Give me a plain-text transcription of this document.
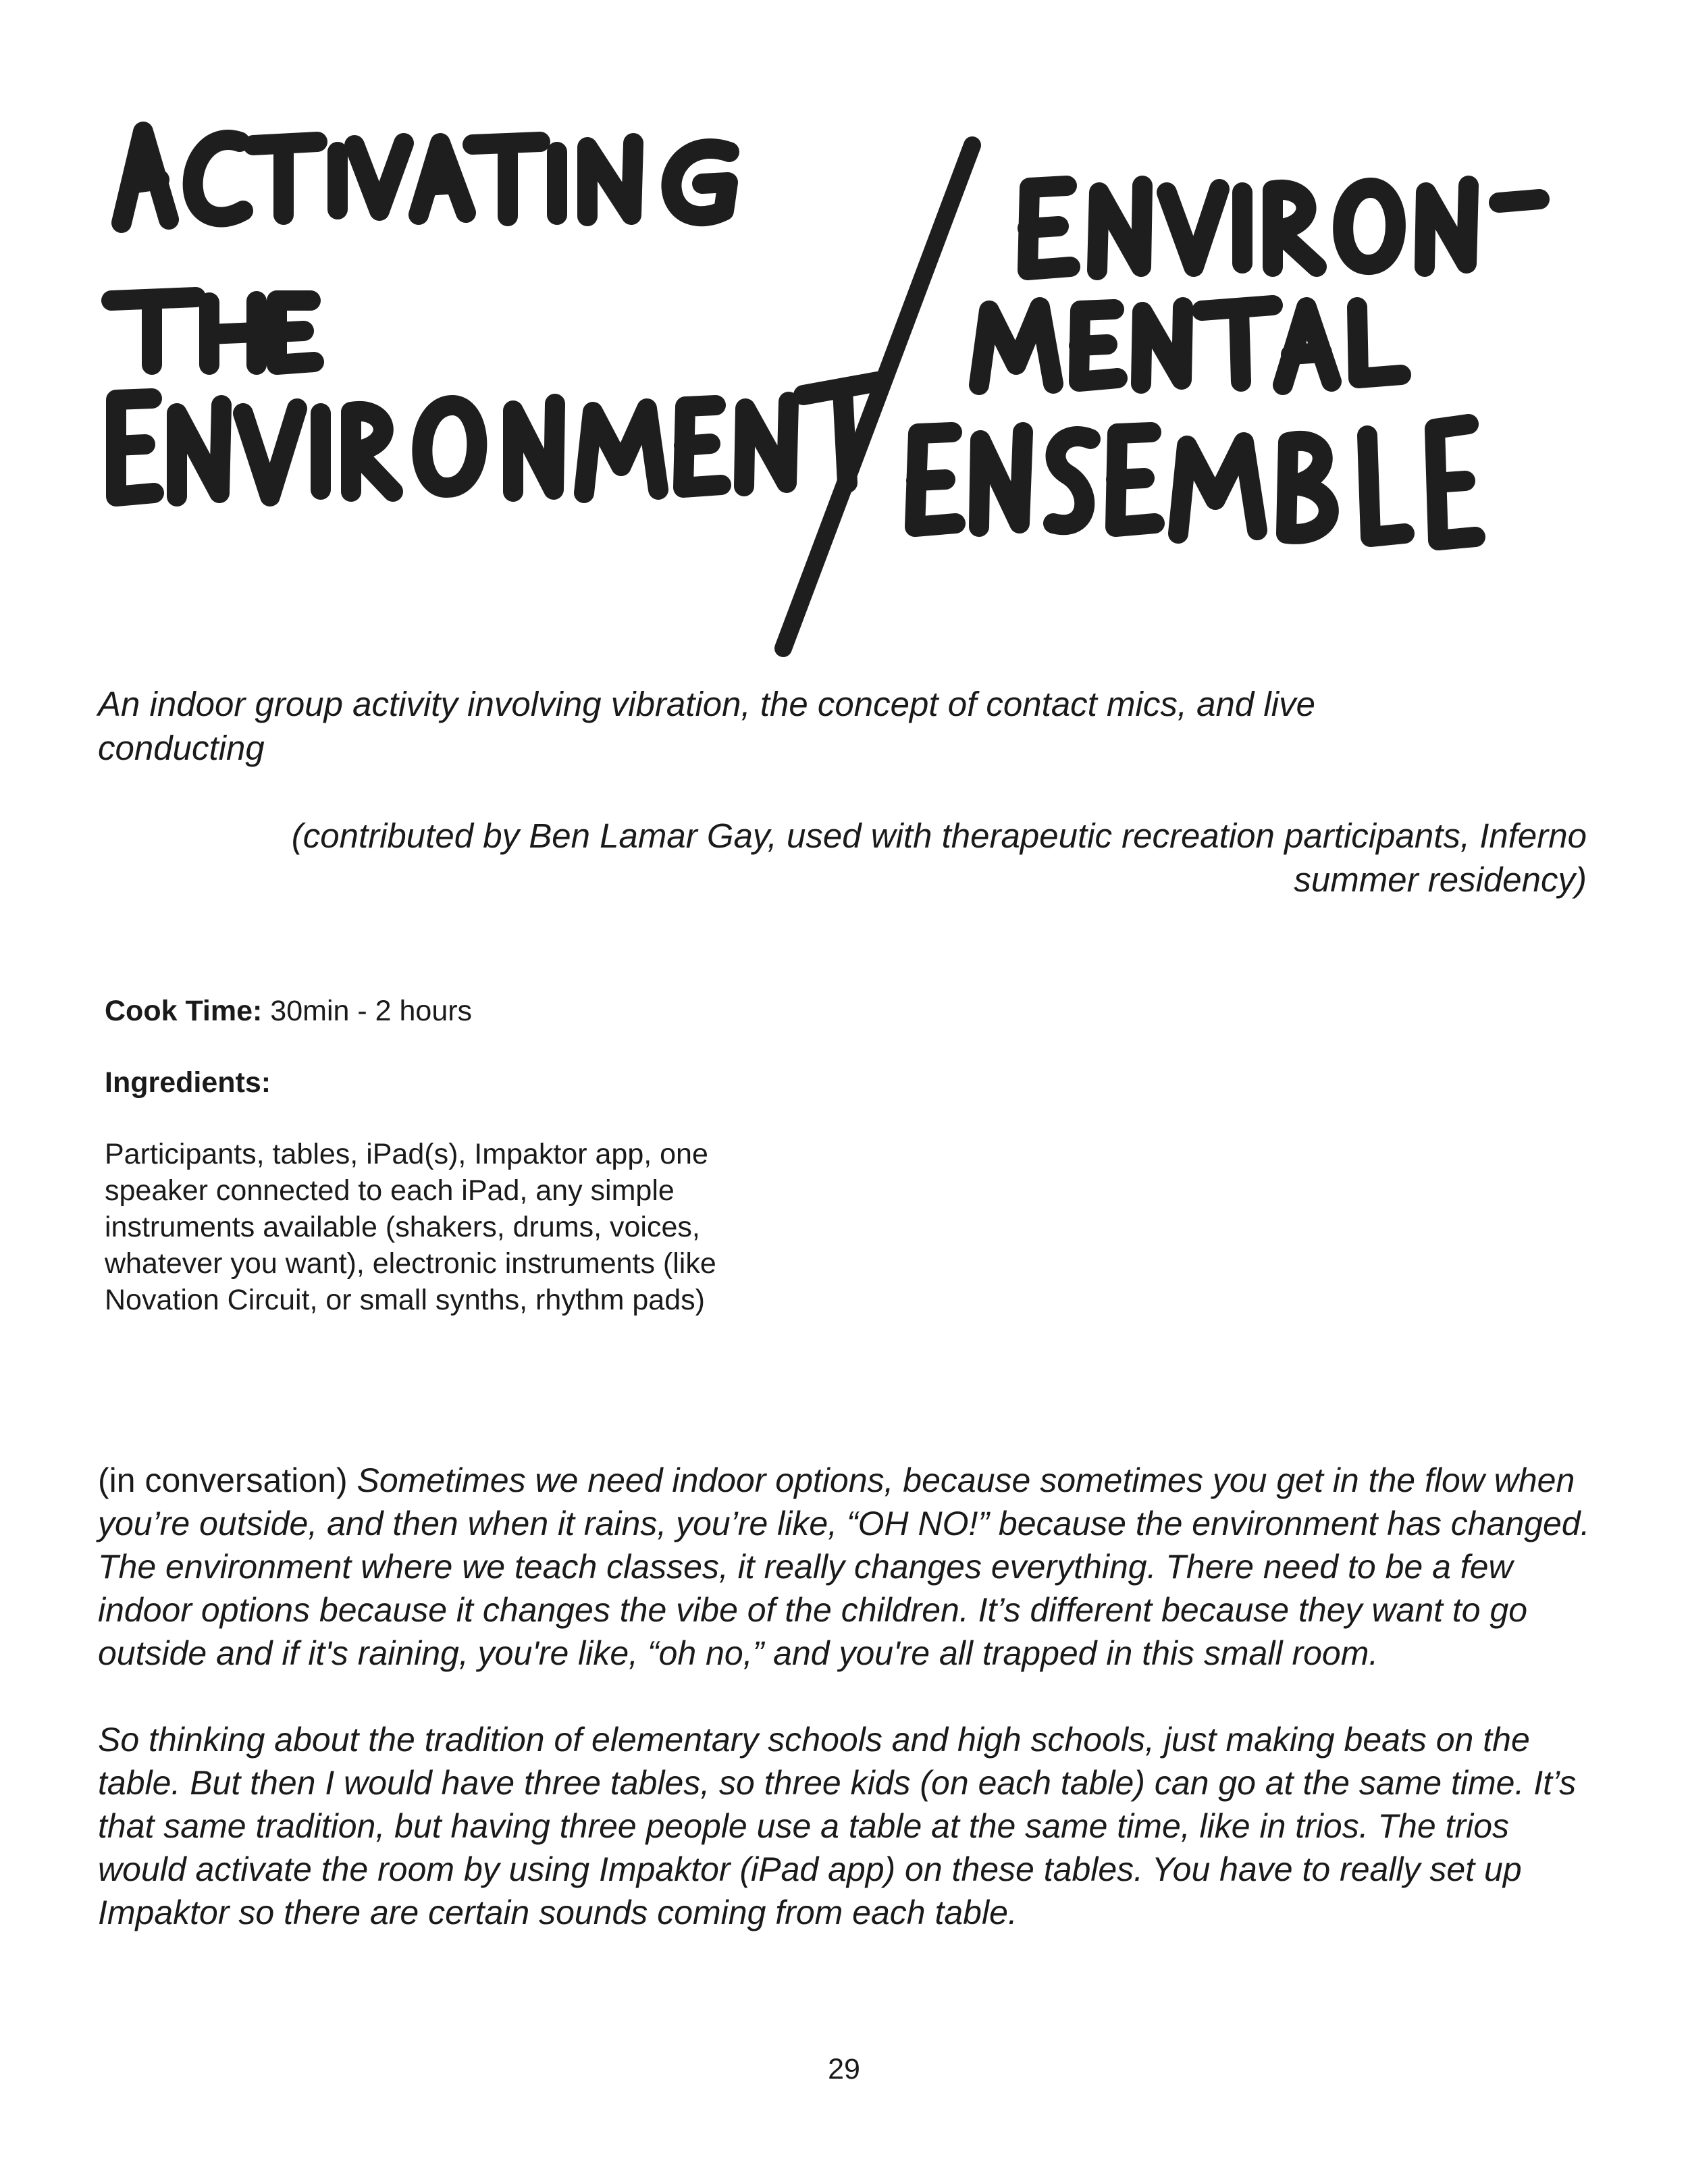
An indoor group activity involving vibration, the concept of contact mics, and live conducting

(contributed by Ben Lamar Gay, used with therapeutic recreation participants, Inferno summer residency)

Cook Time: 30min - 2 hours

Ingredients:

Participants, tables, iPad(s), Impaktor app, one speaker connected to each iPad, any simple instruments available (shakers, drums, voices, whatever you want), electronic instruments (like Novation Circuit, or small synths, rhythm pads)

(in conversation) Sometimes we need indoor options, because sometimes you get in the flow when you’re outside, and then when it rains, you’re like, “OH NO!” because the environment has changed. The environment where we teach classes, it really changes everything. There need to be a few indoor options because it changes the vibe of the children. It’s different because they want to go outside and if it's raining, you're like, “oh no,” and you're all trapped in this small room.

So thinking about the tradition of elementary schools and high schools, just making beats on the table. But then I would have three tables, so three kids (on each table) can go at the same time. It’s that same tradition, but having three people use a table at the same time, like in trios. The trios would activate the room by using Impaktor (iPad app) on these tables. You have to really set up Impaktor so there are certain sounds coming from each table.

29
